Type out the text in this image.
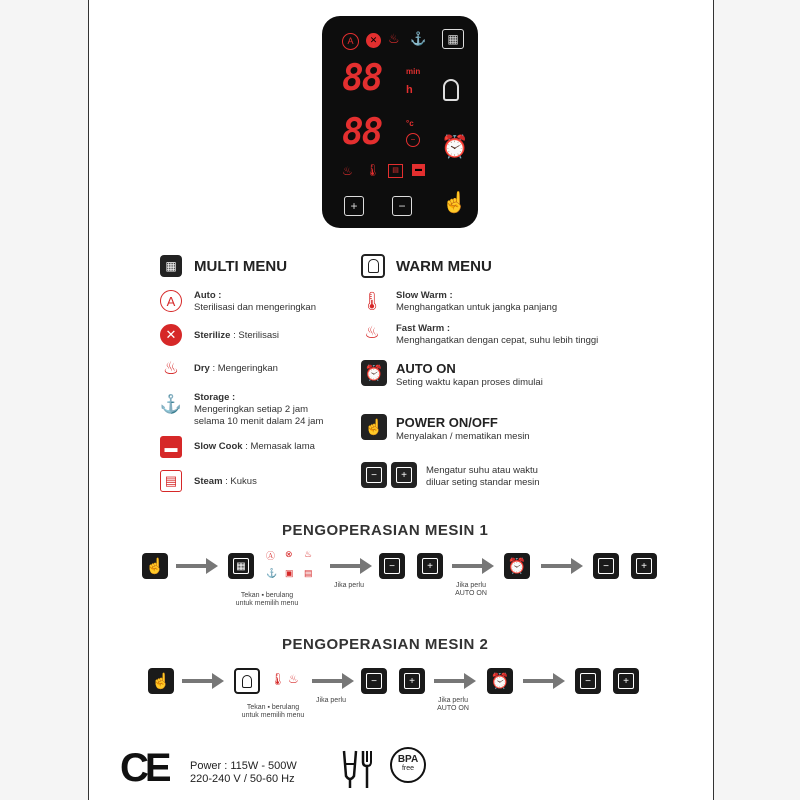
A	✕ ♨ ⚓	▦
88	min
h
88	°c
− ⏰
♨ 🌡	▤	▬
+	−	☝
▦	MULTI MENU
A	Auto :
Sterilisasi dan mengeringkan
✕	Sterilize : Sterilisasi
♨	Dry : Mengeringkan
⚓ Storage :
Mengeringkan setiap 2 jam
selama 10 menit dalam 24 jam
▬	Slow Cook : Memasak lama
▤	Steam : Kukus
WARM MENU
🌡 Slow Warm :
Menghangatkan untuk jangka panjang
♨	Fast Warm :
Menghangatkan dengan cepat, suhu lebih tinggi
⏰ AUTO ON
Seting waktu kapan proses dimulai
☝ POWER ON/OFF
Menyalakan / mematikan mesin
−	+	Mengatur suhu atau waktu
diluar seting standar mesin
PENGOPERASIAN MESIN 1
☝	▦
Ⓐ ⊗ ♨
⚓ ▣ ▤
Tekan ▪ berulang
untuk memilih menu
Jika perlu
−	+
Jika perlu
AUTO ON
⏰	−	+
PENGOPERASIAN MESIN 2
☝	🌡 ♨
Tekan ▪ berulang
untuk memilih menu
Jika perlu
−	+
Jika perlu
AUTO ON
⏰	−	+
CE Power : 115W - 500W
220-240 V / 50-60 Hz
BPA
free
